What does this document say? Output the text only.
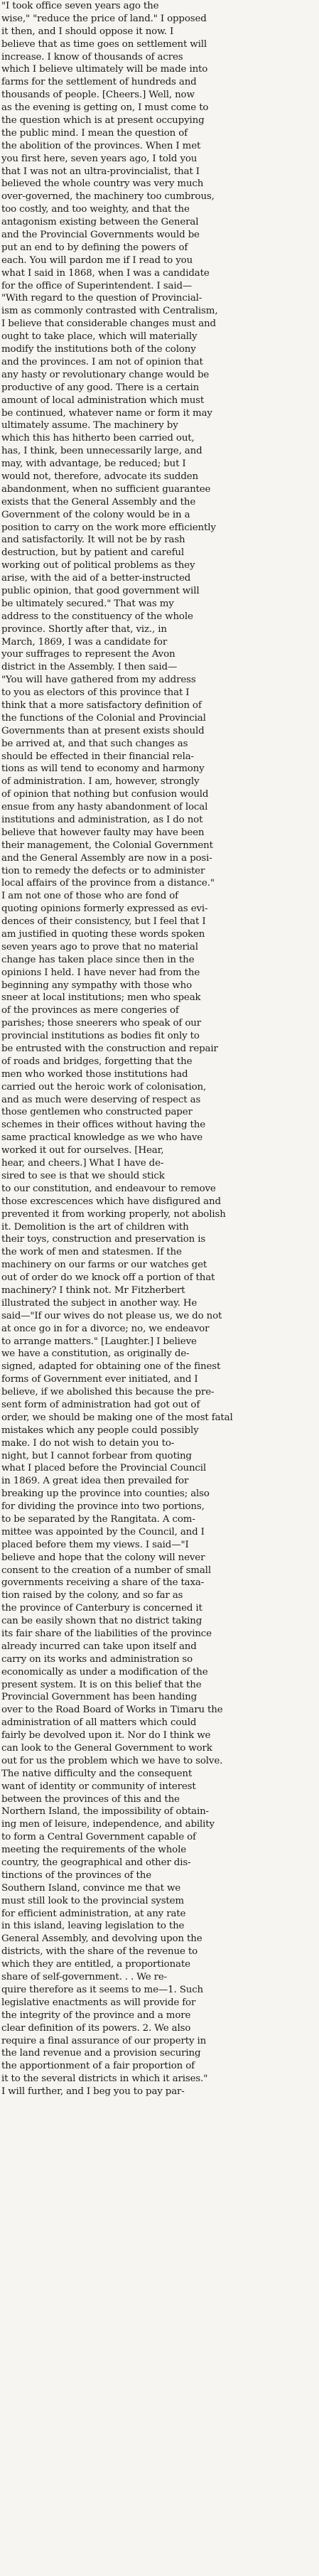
"I took office seven years ago the
wise," "reduce the price of land." I opposed
it then, and I should oppose it now. I
believe that as time goes on settlement will
increase. I know of thousands of acres
which I believe ultimately will be made into
farms for the settlement of hundreds and
thousands of people. [Cheers.] Well, now
as the evening is getting on, I must come to
the question which is at present occupying
the public mind. I mean the question of
the abolition of the provinces. When I met
you first here, seven years ago, I told you
that I was not an ultra-provincialist, that I
believed the whole country was very much
over-governed, the machinery too cumbrous,
too costly, and too weighty, and that the
antagonism existing between the General
and the Provincial Governments would be
put an end to by defining the powers of
each. You will pardon me if I read to you
what I said in 1868, when I was a candidate
for the office of Superintendent. I said—
"With regard to the question of Provincial-
ism as commonly contrasted with Centralism,
I believe that considerable changes must and
ought to take place, which will materially
modify the institutions both of the colony
and the provinces. I am not of opinion that
any hasty or revolutionary change would be
productive of any good. There is a certain
amount of local administration which must
be continued, whatever name or form it may
ultimately assume. The machinery by
which this has hitherto been carried out,
has, I think, been unnecessarily large, and
may, with advantage, be reduced; but I
would not, therefore, advocate its sudden
abandonment, when no sufficient guarantee
exists that the General Assembly and the
Government of the colony would be in a
position to carry on the work more efficiently
and satisfactorily. It will not be by rash
destruction, but by patient and careful
working out of political problems as they
arise, with the aid of a better-instructed
public opinion, that good government will
be ultimately secured." That was my
address to the constituency of the whole
province. Shortly after that, viz., in
March, 1869, I was a candidate for
your suffrages to represent the Avon
district in the Assembly. I then said—
"You will have gathered from my address
to you as electors of this province that I
think that a more satisfactory definition of
the functions of the Colonial and Provincial
Governments than at present exists should
be arrived at, and that such changes as
should be effected in their financial rela-
tions as will tend to economy and harmony
of administration. I am, however, strongly
of opinion that nothing but confusion would
ensue from any hasty abandonment of local
institutions and administration, as I do not
believe that however faulty may have been
their management, the Colonial Government
and the General Assembly are now in a posi-
tion to remedy the defects or to administer
local affairs of the province from a distance."
I am not one of those who are fond of
quoting opinions formerly expressed as evi-
dences of their consistency, but I feel that I
am justified in quoting these words spoken
seven years ago to prove that no material
change has taken place since then in the
opinions I held. I have never had from the
beginning any sympathy with those who
sneer at local institutions; men who speak
of the provinces as mere congeries of
parishes; those sneerers who speak of our
provincial institutions as bodies fit only to
be entrusted with the construction and repair
of roads and bridges, forgetting that the
men who worked those institutions had
carried out the heroic work of colonisation,
and as much were deserving of respect as
those gentlemen who constructed paper
schemes in their offices without having the
same practical knowledge as we who have
worked it out for ourselves. [Hear,
hear, and cheers.] What I have de-
sired to see is that we should stick
to our constitution, and endeavour to remove
those excrescences which have disfigured and
prevented it from working properly, not abolish
it. Demolition is the art of children with
their toys, construction and preservation is
the work of men and statesmen. If the
machinery on our farms or our watches get
out of order do we knock off a portion of that
machinery? I think not. Mr Fitzherbert
illustrated the subject in another way. He
said—"If our wives do not please us, we do not
at once go in for a divorce; no, we endeavor
to arrange matters." [Laughter.] I believe
we have a constitution, as originally de-
signed, adapted for obtaining one of the finest
forms of Government ever initiated, and I
believe, if we abolished this because the pre-
sent form of administration had got out of
order, we should be making one of the most fatal
mistakes which any people could possibly
make. I do not wish to detain you to-
night, but I cannot forbear from quoting
what I placed before the Provincial Council
in 1869. A great idea then prevailed for
breaking up the province into counties; also
for dividing the province into two portions,
to be separated by the Rangitata. A com-
mittee was appointed by the Council, and I
placed before them my views. I said—"I
believe and hope that the colony will never
consent to the creation of a number of small
governments receiving a share of the taxa-
tion raised by the colony, and so far as
the province of Canterbury is concerned it
can be easily shown that no district taking
its fair share of the liabilities of the province
already incurred can take upon itself and
carry on its works and administration so
economically as under a modification of the
present system. It is on this belief that the
Provincial Government has been handing
over to the Road Board of Works in Timaru the
administration of all matters which could
fairly be devolved upon it. Nor do I think we
can look to the General Government to work
out for us the problem which we have to solve.
The native difficulty and the consequent
want of identity or community of interest
between the provinces of this and the
Northern Island, the impossibility of obtain-
ing men of leisure, independence, and ability
to form a Central Government capable of
meeting the requirements of the whole
country, the geographical and other dis-
tinctions of the provinces of the
Southern Island, convince me that we
must still look to the provincial system
for efficient administration, at any rate
in this island, leaving legislation to the
General Assembly, and devolving upon the
districts, with the share of the revenue to
which they are entitled, a proportionate
share of self-government. . . We re-
quire therefore as it seems to me—1. Such
legislative enactments as will provide for
the integrity of the province and a more
clear definition of its powers. 2. We also
require a final assurance of our property in
the land revenue and a provision securing
the apportionment of a fair proportion of
it to the several districts in which it arises."
I will further, and I beg you to pay par-
